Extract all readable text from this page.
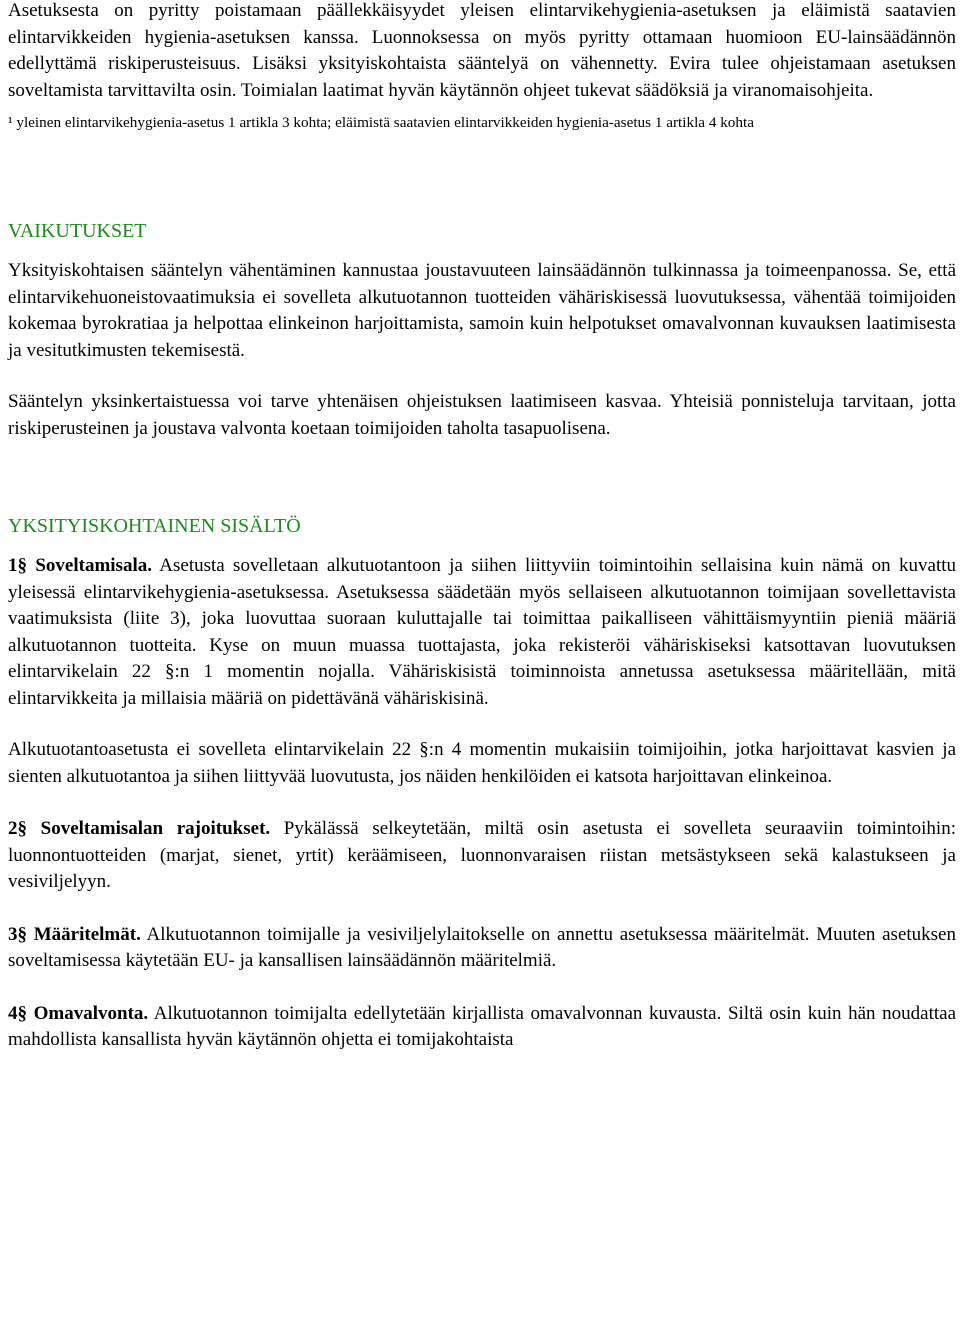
Asetuksesta on pyritty poistamaan päällekkäisyydet yleisen elintarvikehygienia-asetuksen ja eläimistä saatavien elintarvikkeiden hygienia-asetuksen kanssa. Luonnoksessa on myös pyritty ottamaan huomioon EU-lainsäädännön edellyttämä riskiperusteisuus. Lisäksi yksityiskohtaista sääntelyä on vähennetty. Evira tulee ohjeistamaan asetuksen soveltamista tarvittavilta osin. Toimialan laatimat hyvän käytännön ohjeet tukevat säädöksiä ja viranomaisohjeita.

¹ yleinen elintarvikehygienia-asetus 1 artikla 3 kohta; eläimistä saatavien elintarvikkeiden hygienia-asetus 1 artikla 4 kohta

VAIKUTUKSET

Yksityiskohtaisen sääntelyn vähentäminen kannustaa joustavuuteen lainsäädännön tulkinnassa ja toimeenpanossa. Se, että elintarvikehuoneistovaatimuksia ei sovelleta alkutuotannon tuotteiden vähäriskisessä luovutuksessa, vähentää toimijoiden kokemaa byrokratiaa ja helpottaa elinkeinon harjoittamista, samoin kuin helpotukset omavalvonnan kuvauksen laatimisesta ja vesitutkimusten tekemisestä.

Sääntelyn yksinkertaistuessa voi tarve yhtenäisen ohjeistuksen laatimiseen kasvaa. Yhteisiä ponnisteluja tarvitaan, jotta riskiperusteinen ja joustava valvonta koetaan toimijoiden taholta tasapuolisena.

YKSITYISKOHTAINEN SISÄLTÖ

1§ Soveltamisala. Asetusta sovelletaan alkutuotantoon ja siihen liittyviin toimintoihin sellaisina kuin nämä on kuvattu yleisessä elintarvikehygienia-asetuksessa. Asetuksessa säädetään myös sellaiseen alkutuotannon toimijaan sovellettavista vaatimuksista (liite 3), joka luovuttaa suoraan kuluttajalle tai toimittaa paikalliseen vähittäismyyntiin pieniä määriä alkutuotannon tuotteita. Kyse on muun muassa tuottajasta, joka rekisteröi vähäriskiseksi katsottavan luovutuksen elintarvikelain 22 §:n 1 momentin nojalla. Vähäriskisistä toiminnoista annetussa asetuksessa määritellään, mitä elintarvikkeita ja millaisia määriä on pidettävänä vähäriskisinä.

Alkutuotantoasetusta ei sovelleta elintarvikelain 22 §:n 4 momentin mukaisiin toimijoihin, jotka harjoittavat kasvien ja sienten alkutuotantoa ja siihen liittyvää luovutusta, jos näiden henkilöiden ei katsota harjoittavan elinkeinoa.

2§ Soveltamisalan rajoitukset. Pykälässä selkeytetään, miltä osin asetusta ei sovelleta seuraaviin toimintoihin: luonnontuotteiden (marjat, sienet, yrtit) keräämiseen, luonnonvaraisen riistan metsästykseen sekä kalastukseen ja vesiviljelyyn.

3§ Määritelmät. Alkutuotannon toimijalle ja vesiviljelylaitokselle on annettu asetuksessa määritelmät. Muuten asetuksen soveltamisessa käytetään EU- ja kansallisen lainsäädännön määritelmiä.

4§ Omavalvonta. Alkutuotannon toimijalta edellytetään kirjallista omavalvonnan kuvausta. Siltä osin kuin hän noudattaa mahdollista kansallista hyvän käytännön ohjetta ei tomijakohtaista
